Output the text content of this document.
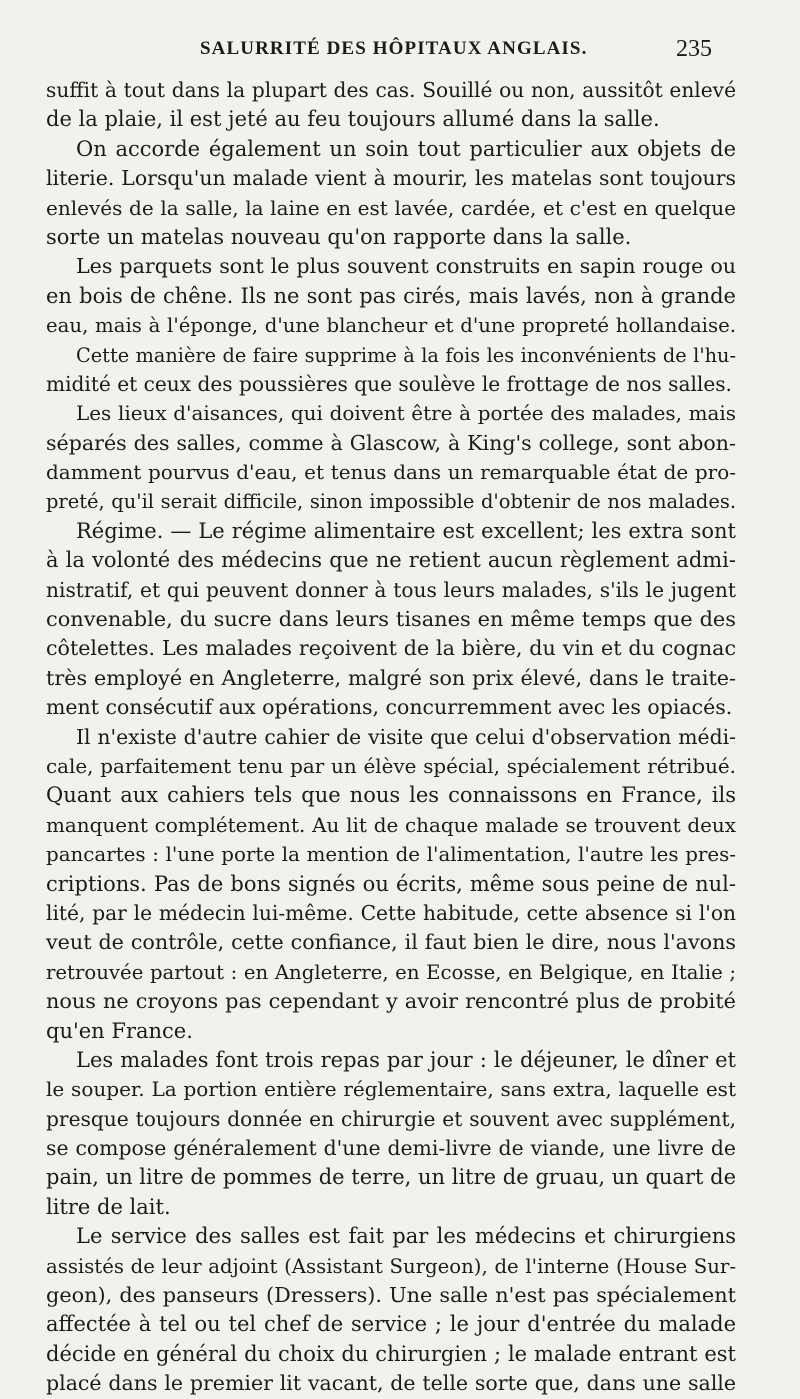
SALURRITÉ DES HÔPITAUX ANGLAIS.	235
suffit à tout dans la plupart des cas. Souillé ou non, aussitôt enlevé
de la plaie, il est jeté au feu toujours allumé dans la salle.
On accorde également un soin tout particulier aux objets de
literie. Lorsqu'un malade vient à mourir, les matelas sont toujours
enlevés de la salle, la laine en est lavée, cardée, et c'est en quelque
sorte un matelas nouveau qu'on rapporte dans la salle.
Les parquets sont le plus souvent construits en sapin rouge ou
en bois de chêne. Ils ne sont pas cirés, mais lavés, non à grande
eau, mais à l'éponge, d'une blancheur et d'une propreté hollandaise.
Cette manière de faire supprime à la fois les inconvénients de l'hu-
midité et ceux des poussières que soulève le frottage de nos salles.
Les lieux d'aisances, qui doivent être à portée des malades, mais
séparés des salles, comme à Glascow, à King's college, sont abon-
damment pourvus d'eau, et tenus dans un remarquable état de pro-
preté, qu'il serait difficile, sinon impossible d'obtenir de nos malades.
Régime. — Le régime alimentaire est excellent; les extra sont
à la volonté des médecins que ne retient aucun règlement admi-
nistratif, et qui peuvent donner à tous leurs malades, s'ils le jugent
convenable, du sucre dans leurs tisanes en même temps que des
côtelettes. Les malades reçoivent de la bière, du vin et du cognac
très employé en Angleterre, malgré son prix élevé, dans le traite-
ment consécutif aux opérations, concurremment avec les opiacés.
Il n'existe d'autre cahier de visite que celui d'observation médi-
cale, parfaitement tenu par un élève spécial, spécialement rétribué.
Quant aux cahiers tels que nous les connaissons en France, ils
manquent complétement. Au lit de chaque malade se trouvent deux
pancartes : l'une porte la mention de l'alimentation, l'autre les pres-
criptions. Pas de bons signés ou écrits, même sous peine de nul-
lité, par le médecin lui-même. Cette habitude, cette absence si l'on
veut de contrôle, cette confiance, il faut bien le dire, nous l'avons
retrouvée partout : en Angleterre, en Ecosse, en Belgique, en Italie ;
nous ne croyons pas cependant y avoir rencontré plus de probité
qu'en France.
Les malades font trois repas par jour : le déjeuner, le dîner et
le souper. La portion entière réglementaire, sans extra, laquelle est
presque toujours donnée en chirurgie et souvent avec supplément,
se compose généralement d'une demi-livre de viande, une livre de
pain, un litre de pommes de terre, un litre de gruau, un quart de
litre de lait.
Le service des salles est fait par les médecins et chirurgiens
assistés de leur adjoint (Assistant Surgeon), de l'interne (House Sur-
geon), des panseurs (Dressers). Une salle n'est pas spécialement
affectée à tel ou tel chef de service ; le jour d'entrée du malade
décide en général du choix du chirurgien ; le malade entrant est
placé dans le premier lit vacant, de telle sorte que, dans une salle
